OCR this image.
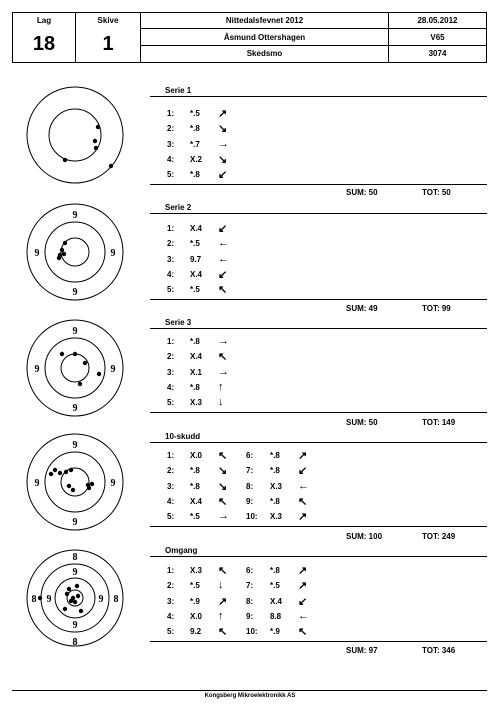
Lag
18
Skive
1
Nittedalsfevnet 2012	28.05.2012
Åsmund Ottershagen	V65
Skedsmo	3074
9
9	9
9
9
9	9
9
9
9	9
9
8
9
9	9
9
8	8
8
Serie 1
1: *.5 ↗
2: *.8 ↘
3: *.7 →
4: X.2 ↘
5: *.8 ↙
SUM: 50	TOT: 50
Serie 2
1: X.4 ↙
2: *.5 ←
3: 9.7 ←
4: X.4 ↙
5: *.5 ↖
SUM: 49	TOT: 99
Serie 3
1: *.8 →
2: X.4 ↖
3: X.1 →
4: *.8 ↑
5: X.3 ↓
SUM: 50	TOT: 149
10-skudd
1: X.0 ↖
2: *.8 ↘
3: *.8 ↘
4: X.4 ↖
5: *.5 →
6: *.8 ↗
7: *.8 ↙
8: X.3 ←
9: *.8 ↖
10: X.3 ↗
SUM: 100	TOT: 249
Omgang
1: X.3 ↖
2: *.5 ↓
3: *.9 ↗
4: X.0 ↑
5: 9.2 ↖
6: *.8 ↗
7: *.5 ↗
8: X.4 ↙
9: 8.8 ←
10: *.9 ↖
SUM: 97	TOT: 346
Kongsberg Mikroelektronikk AS
